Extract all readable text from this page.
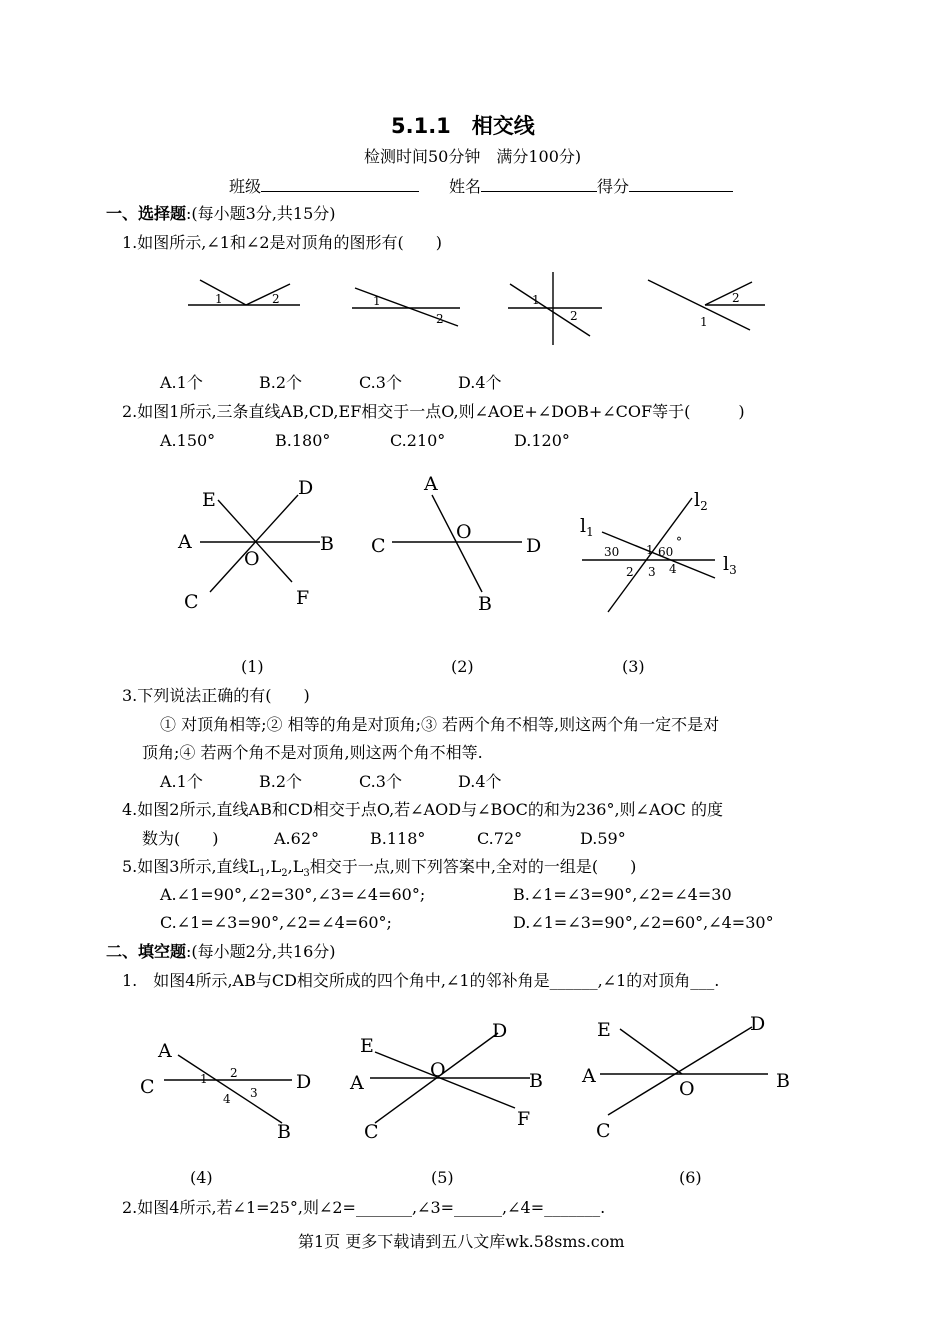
5.1.1　相交线
检测时间50分钟　满分100分)
班级	姓名	得分
一、选择题:(每小题3分,共15分)
1.如图所示,∠1和∠2是对顶角的图形有(　　)
1	2	1
2
1
2	1
2
A.1个	B.2个	C.3个	D.4个
2.如图1所示,三条直线AB,CD,EF相交于一点O,则∠AOE+∠DOB+∠COF等于(　　　)
A.150°	B.180°	C.210°	D.120°
E
D
A
O
B
C	F
(1)
A
O
C	D
B
(2)
$l_1$
$l_2$
$l_3$
30 1 60
°
2 3 4
(3)
3.下列说法正确的有(　　)
① 对顶角相等;② 相等的角是对顶角;③ 若两个角不相等,则这两个角一定不是对
顶角;④ 若两个角不是对顶角,则这两个角不相等.
A.1个	B.2个	C.3个	D.4个
4.如图2所示,直线AB和CD相交于点O,若∠AOD与∠BOC的和为236°,则∠AOC 的度
数为(　　)	A.62°	B.118°	C.72°	D.59°
5.如图3所示,直线$L_1,L_2,L_3$相交于一点,则下列答案中,全对的一组是(　　)
A.∠1=90°,∠2=30°,∠3=∠4=60°;	B.∠1=∠3=90°,∠2=∠4=30
C.∠1=∠3=90°,∠2=∠4=60°;	D.∠1=∠3=90°,∠2=60°,∠4=30°
二、填空题:(每小题2分,共16分)
1.　如图4所示,AB与CD相交所成的四个角中,∠1的邻补角是______,∠1的对顶角___.
A
C	D
B
1 2
4 3
(4)
E
D
A
O	B
C
F
(5)
E	D
A
O	B
C
(6)
2.如图4所示,若∠1=25°,则∠2=_______,∠3=______,∠4=_______.
第1页 更多下载请到五八文库wk.58sms.com
